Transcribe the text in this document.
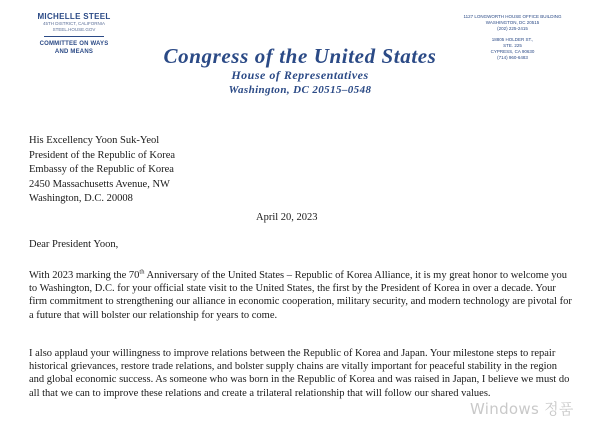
MICHELLE STEEL
45TH DISTRICT, CALIFORNIA
STEEL.HOUSE.GOV
COMMITTEE ON WAYS
AND MEANS	Congress of the United States
House of Representatives
Washington, DC 20515–0548
1127 LONGWORTH HOUSE OFFICE BUILDING
WASHINGTON, DC 20515
(202) 225-2415
18805 HOLDER ST.,
STE. 225
CYPRESS, CA 90630
(714) 960-6483
His Excellency Yoon Suk-Yeol
President of the Republic of Korea
Embassy of the Republic of Korea
2450 Massachusetts Avenue, NW
Washington, D.C. 20008
April 20, 2023
Dear President Yoon,
With 2023 marking the 70th Anniversary of the United States – Republic of Korea Alliance, it is my great honor to welcome you to Washington, D.C. for your official state visit to the United States, the first by the President of Korea in over a decade. Your firm commitment to strengthening our alliance in economic cooperation, military security, and modern technology are pivotal for a future that will bolster our relationship for years to come.
I also applaud your willingness to improve relations between the Republic of Korea and Japan. Your milestone steps to repair historical grievances, restore trade relations, and bolster supply chains are vitally important for peaceful stability in the region and global economic success. As someone who was born in the Republic of Korea and was raised in Japan, I believe we must do all that we can to improve these relations and create a trilateral relationship that will follow our shared values.
Windows 정품
